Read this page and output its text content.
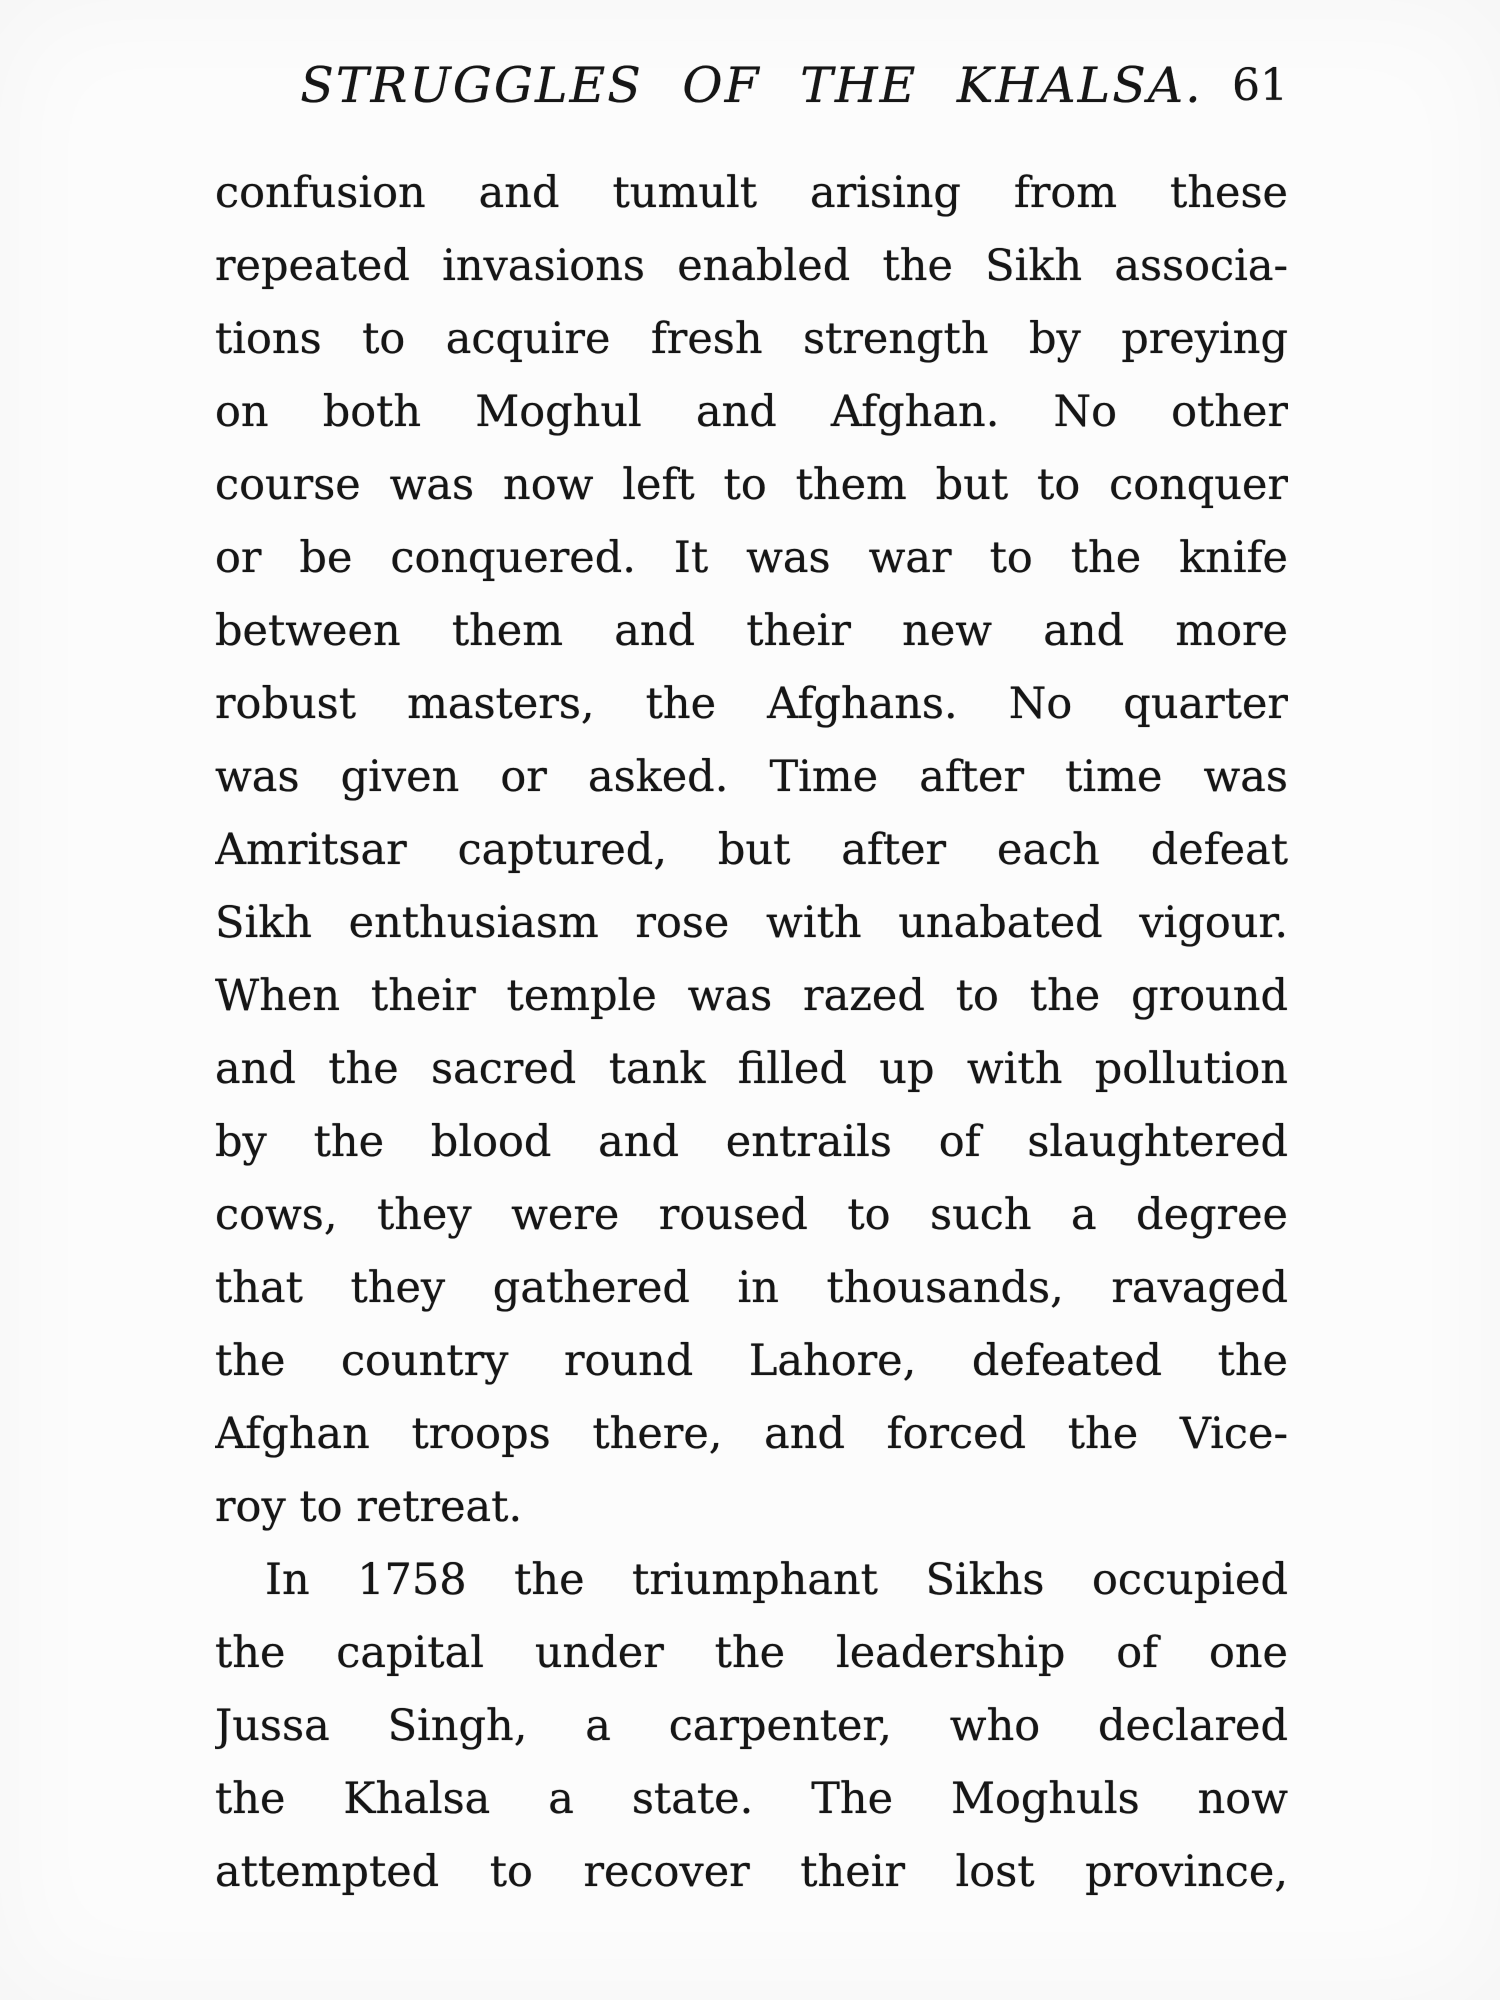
STRUGGLES OF THE KHALSA. 61
confusion and tumult arising from these
repeated invasions enabled the Sikh associa-
tions to acquire fresh strength by preying
on both Moghul and Afghan. No other
course was now left to them but to conquer
or be conquered. It was war to the knife
between them and their new and more
robust masters, the Afghans. No quarter
was given or asked. Time after time was
Amritsar captured, but after each defeat
Sikh enthusiasm rose with unabated vigour.
When their temple was razed to the ground
and the sacred tank filled up with pollution
by the blood and entrails of slaughtered
cows, they were roused to such a degree
that they gathered in thousands, ravaged
the country round Lahore, defeated the
Afghan troops there, and forced the Vice-
roy to retreat.
In 1758 the triumphant Sikhs occupied
the capital under the leadership of one
Jussa Singh, a carpenter, who declared
the Khalsa a state. The Moghuls now
attempted to recover their lost province,
